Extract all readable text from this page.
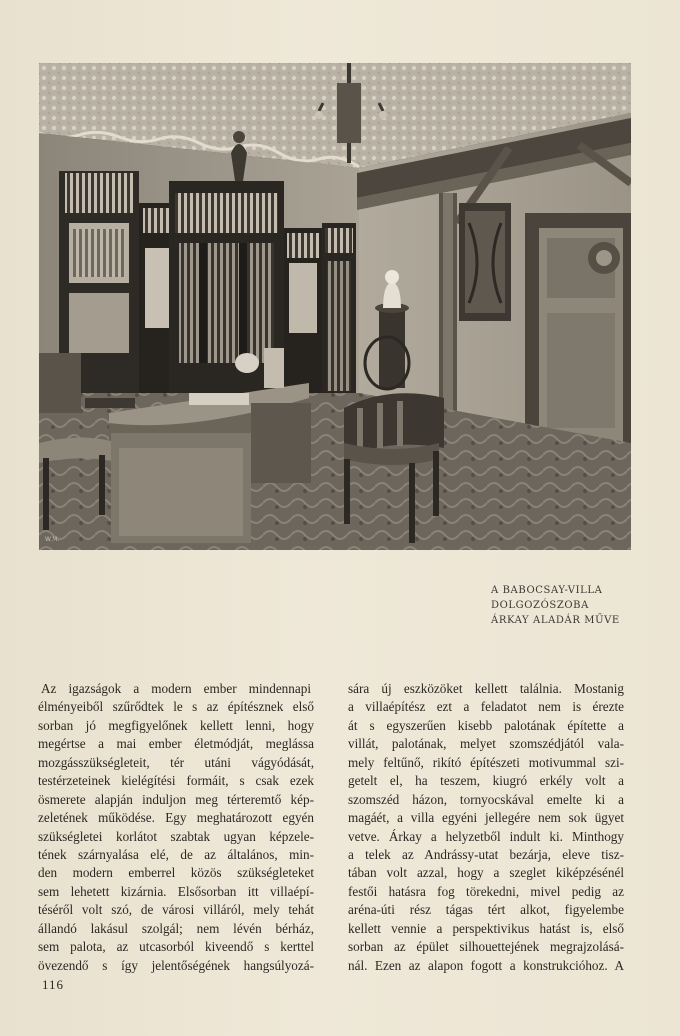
W.M.
A BABOCSAY-VILLA
DOLGOZÓSZOBA
ÁRKAY ALADÁR MŰVE
Az igazságok a modern ember mindennapi
élményeiből szűrődtek le s az építésznek első
sorban jó megfigyelőnek kellett lenni, hogy
megértse a mai ember életmódját, meglássa
mozgásszükségleteit, tér utáni vágyódását,
testérzeteinek kielégítési formáit, s csak ezek
ösmerete alapján induljon meg térteremtő kép-
zeletének működése. Egy meghatározott egyén
szükségletei korlátot szabtak ugyan képzele-
tének szárnyalása elé, de az általános, min-
den modern emberrel közös szükségleteket
sem lehetett kizárnia. Elsősorban itt villaépí-
téséről volt szó, de városi villáról, mely tehát
állandó lakásul szolgál; nem lévén bérház,
sem palota, az utcasorból kiveendő s kerttel
övezendő s így jelentőségének hangsúlyozá-
sára új eszközöket kellett találnia. Mostanig
a villaépítész ezt a feladatot nem is érezte
át s egyszerűen kisebb palotának építette a
villát, palotának, melyet szomszédjától vala-
mely feltűnő, rikító építészeti motivummal szi-
getelt el, ha teszem, kiugró erkély volt a
szomszéd házon, tornyocskával emelte ki a
magáét, a villa egyéni jellegére nem sok ügyet
vetve. Árkay a helyzetből indult ki. Minthogy
a telek az Andrássy-utat bezárja, eleve tisz-
tában volt azzal, hogy a szeglet kiképzésénél
festői hatásra fog törekedni, mivel pedig az
aréna-úti rész tágas tért alkot, figyelembe
kellett vennie a perspektivikus hatást is, első
sorban az épület silhouettejének megrajzolásá-
nál. Ezen az alapon fogott a konstrukcióhoz. A
116
